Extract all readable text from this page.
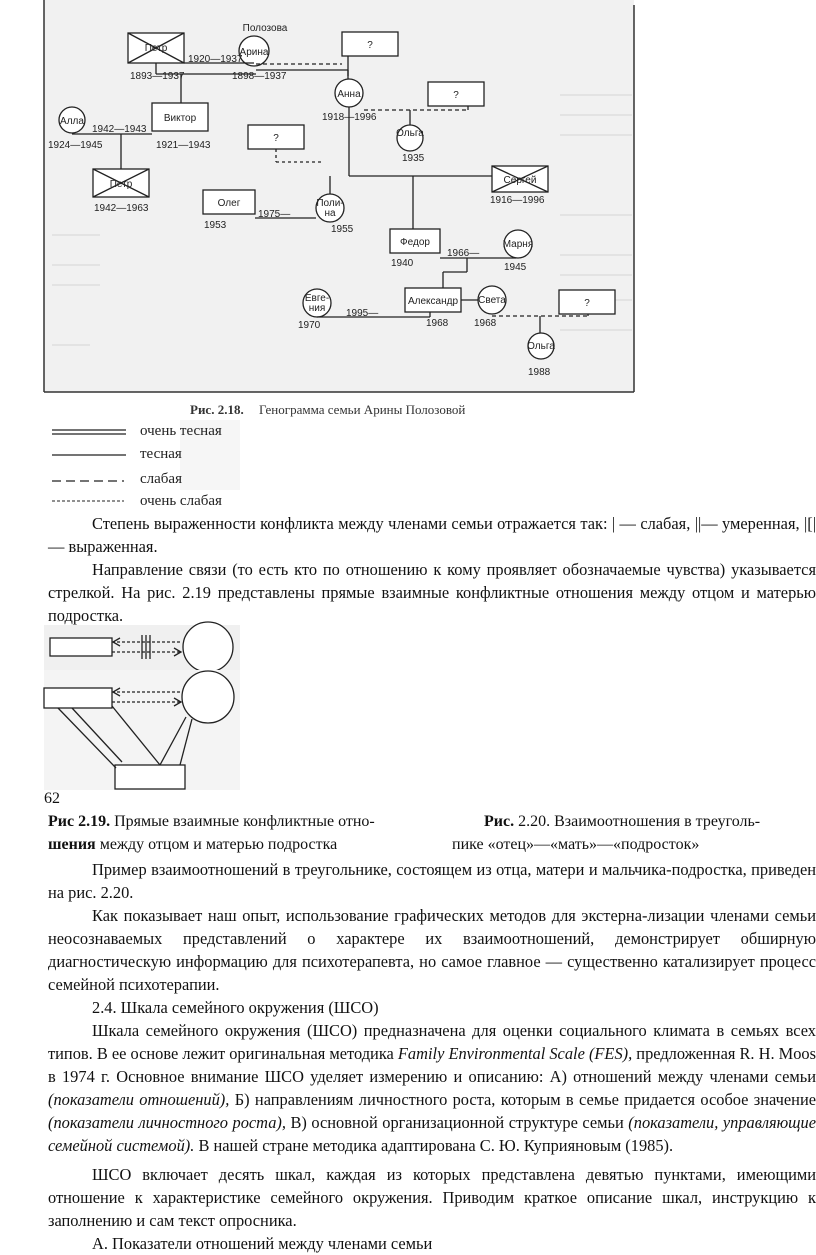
Петр
Полозова
Арина
?
Анна	?
Алла	Виктор
?	Ольга
Петр
Олег	Поли-
на
Сергей
Федор	Марня
Евге-
ния
Александр Света	?
Ольга
1893—1937
1920—1937
1898—1937
1918—1996
1924—1945
1942—1943
1921—1943
1935
1942—1963
1953
1975—
1955
1916—1996
1940
1966—
1945
1970
1995—
1968	1968
1988
Рис. 2.18. Генограмма семьи Арины Полозовой
очень тесная
тесная
слабая
очень слабая
Степень выраженности конфликта между членами семьи отражается так: | — слабая, ||— умеренная, |[| — выраженная.
Направление связи (то есть кто по отношению к кому проявляет обозначаемые чувства) указывается стрелкой. На рис. 2.19 представлены прямые взаимные конфликтные отношения между отцом и матерью подростка.
62
Рис 2.19. Прямые взаимные конфликтные отно-
шения между отцом и матерью подростка
Рис. 2.20. Взаимоотношения в треуголь-
пике «отец»—«мать»—«подросток»
Пример взаимоотношений в треугольнике, состоящем из отца, матери и мальчика-подростка, приведен на рис. 2.20.
Как показывает наш опыт, использование графических методов для экстерна-лизации членами семьи неосознаваемых представлений о характере их взаимоотношений, демонстрирует обширную диагностическую информацию для психотерапевта, но самое главное — существенно катализирует процесс семейной психотерапии.
2.4. Шкала семейного окружения (ШСО)
Шкала семейного окружения (ШСО) предназначена для оценки социального климата в семьях всех типов. В ее основе лежит оригинальная методика Family Environmental Scale (FES), предложенная R. H. Moos в 1974 г. Основное внимание ШСО уделяет измерению и описанию: А) отношений между членами семьи (показатели отношений), Б) направлениям личностного роста, которым в семье придается особое значение (показатели личностного роста), В) основной организационной структуре семьи (показатели, управляющие семейной системой). В нашей стране методика адаптирована С. Ю. Куприяновым (1985).
ШСО включает десять шкал, каждая из которых представлена девятью пунктами, имеющими отношение к характеристике семейного окружения. Приводим краткое описание шкал, инструкцию к заполнению и сам текст опросника.
А. Показатели отношений между членами семьи
